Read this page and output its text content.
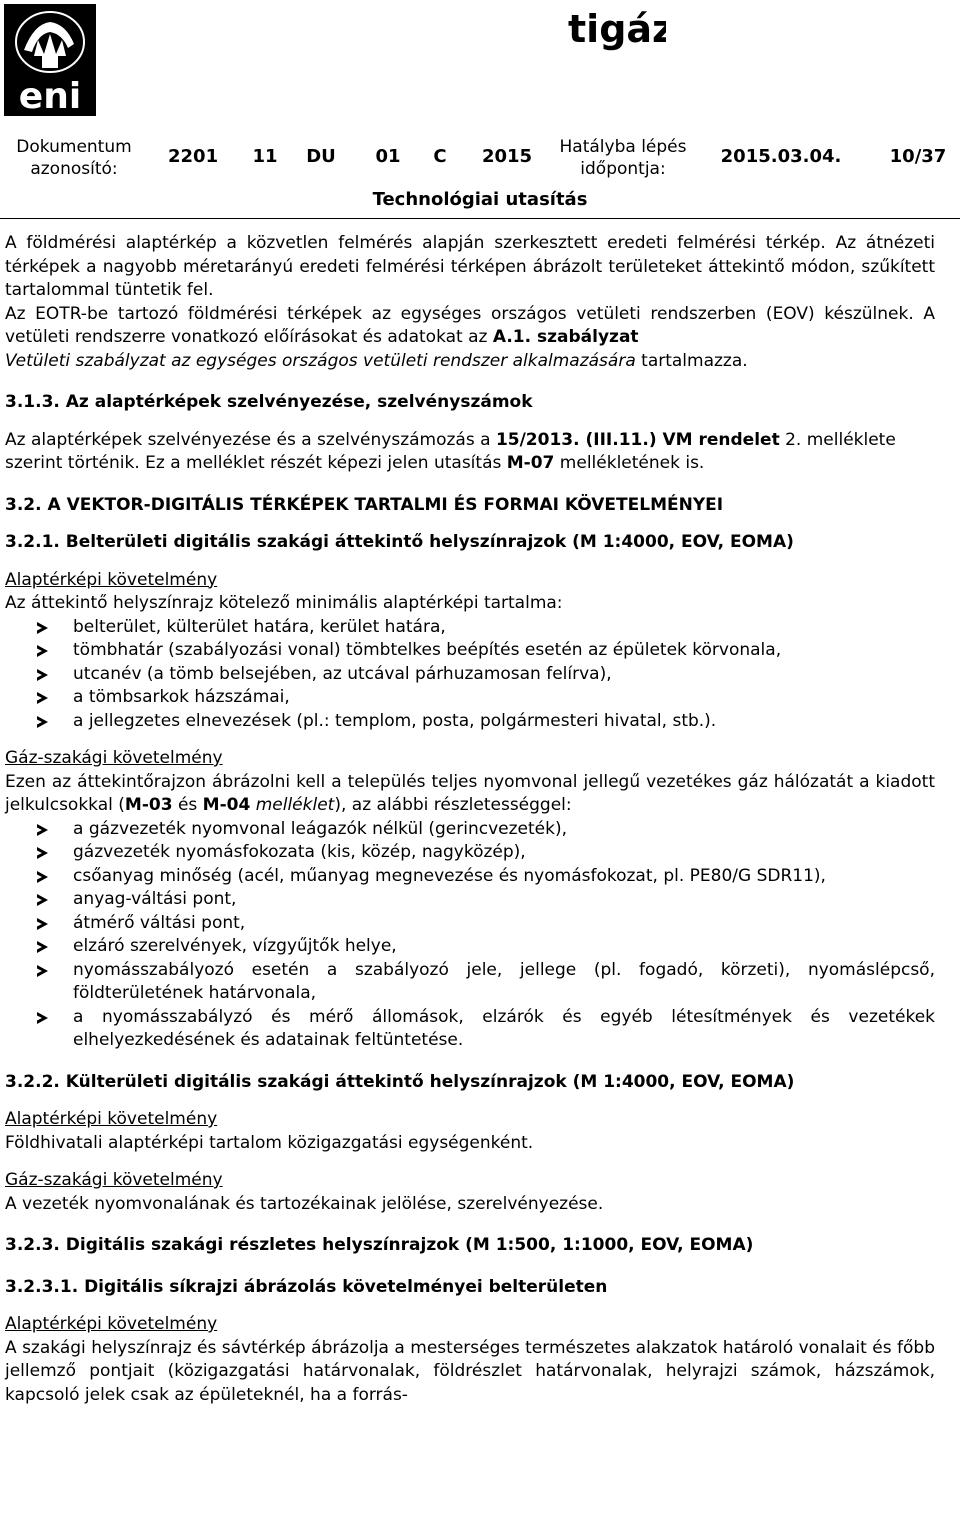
eni
tigáz
Dokumentum azonosító:
2201	11	DU	01	C	2015	Hatályba lépés időpontja:
2015.03.04.	10/37
Technológiai utasítás

A földmérési alaptérkép a közvetlen felmérés alapján szerkesztett eredeti felmérési térkép. Az átnézeti térképek a nagyobb méretarányú eredeti felmérési térképen ábrázolt területeket áttekintő módon, szűkített tartalommal tüntetik fel.

Az EOTR-be tartozó földmérési térképek az egységes országos vetületi rendszerben (EOV) készülnek. A vetületi rendszerre vonatkozó előírásokat és adatokat az A.1. szabályzat
Vetületi szabályzat az egységes országos vetületi rendszer alkalmazására tartalmazza.

3.1.3. Az alaptérképek szelvényezése, szelvényszámok

Az alaptérképek szelvényezése és a szelvényszámozás a 15/2013. (III.11.) VM rendelet 2. melléklete szerint történik. Ez a melléklet részét képezi jelen utasítás M-07 mellékletének is.

3.2. A VEKTOR-DIGITÁLIS TÉRKÉPEK TARTALMI ÉS FORMAI KÖVETELMÉNYEI

3.2.1. Belterületi digitális szakági áttekintő helyszínrajzok (M 1:4000, EOV, EOMA)

Alaptérképi követelmény

Az áttekintő helyszínrajz kötelező minimális alaptérképi tartalma:

belterület, külterület határa, kerület határa,
tömbhatár (szabályozási vonal) tömbtelkes beépítés esetén az épületek körvonala,
utcanév (a tömb belsejében, az utcával párhuzamosan felírva),
a tömbsarkok házszámai,
a jellegzetes elnevezések (pl.: templom, posta, polgármesteri hivatal, stb.).

Gáz-szakági követelmény

Ezen az áttekintőrajzon ábrázolni kell a település teljes nyomvonal jellegű vezetékes gáz hálózatát a kiadott jelkulcsokkal (M-03 és M-04 melléklet), az alábbi részletességgel:

a gázvezeték nyomvonal leágazók nélkül (gerincvezeték),
gázvezeték nyomásfokozata (kis, közép, nagyközép),
csőanyag minőség (acél, műanyag megnevezése és nyomásfokozat, pl. PE80/G SDR11),
anyag-váltási pont,
átmérő váltási pont,
elzáró szerelvények, vízgyűjtők helye,
nyomásszabályozó esetén a szabályozó jele, jellege (pl. fogadó, körzeti), nyomáslépcső, földterületének határvonala,
a nyomásszabályzó és mérő állomások, elzárók és egyéb létesítmények és vezetékek elhelyezkedésének és adatainak feltüntetése.

3.2.2. Külterületi digitális szakági áttekintő helyszínrajzok (M 1:4000, EOV, EOMA)

Alaptérképi követelmény

Földhivatali alaptérképi tartalom közigazgatási egységenként.

Gáz-szakági követelmény

A vezeték nyomvonalának és tartozékainak jelölése, szerelvényezése.

3.2.3. Digitális szakági részletes helyszínrajzok (M 1:500, 1:1000, EOV, EOMA)

3.2.3.1. Digitális síkrajzi ábrázolás követelményei belterületen

Alaptérképi követelmény

A szakági helyszínrajz és sávtérkép ábrázolja a mesterséges természetes alakzatok határoló vonalait és főbb jellemző pontjait (közigazgatási határvonalak, földrészlet határvonalak, helyrajzi számok, házszámok, kapcsoló jelek csak az épületeknél, ha a forrás-
